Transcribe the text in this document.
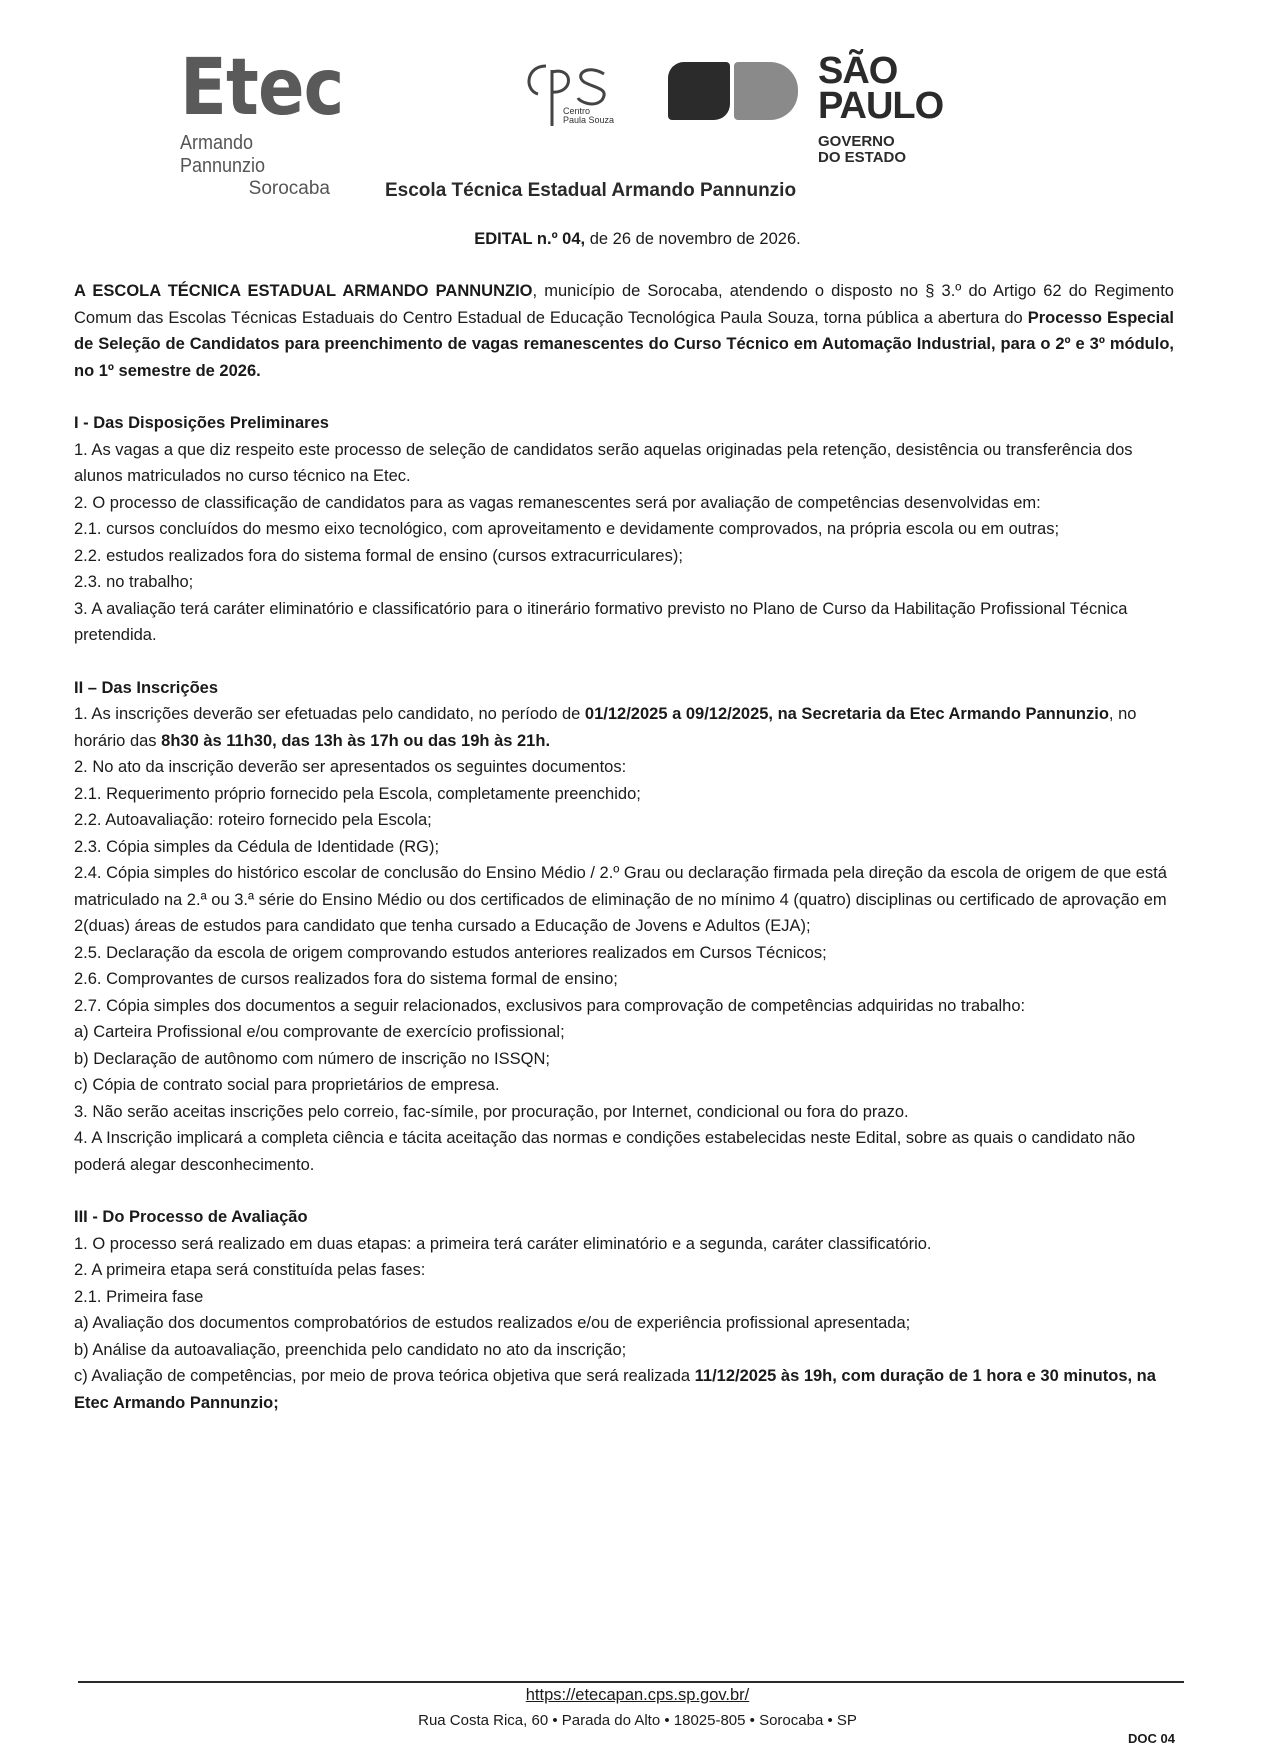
Etec
Armando Pannunzio
Sorocaba
Centro
Paula Souza
SÃO
PAULO
GOVERNO
DO ESTADO
Escola Técnica Estadual Armando Pannunzio
EDITAL n.º 04, de 26 de novembro de 2026.

A ESCOLA TÉCNICA ESTADUAL ARMANDO PANNUNZIO, município de Sorocaba, atendendo o disposto no § 3.º do Artigo 62 do Regimento Comum das Escolas Técnicas Estaduais do Centro Estadual de Educação Tecnológica Paula Souza, torna pública a abertura do Processo Especial de Seleção de Candidatos para preenchimento de vagas remanescentes do Curso Técnico em Automação Industrial, para o 2º e 3º módulo, no 1º semestre de 2026.

I - Das Disposições Preliminares

1. As vagas a que diz respeito este processo de seleção de candidatos serão aquelas originadas pela retenção, desistência ou transferência dos alunos matriculados no curso técnico na Etec.

2. O processo de classificação de candidatos para as vagas remanescentes será por avaliação de competências desenvolvidas em:

2.1. cursos concluídos do mesmo eixo tecnológico, com aproveitamento e devidamente comprovados, na própria escola ou em outras;

2.2. estudos realizados fora do sistema formal de ensino (cursos extracurriculares);

2.3. no trabalho;

3. A avaliação terá caráter eliminatório e classificatório para o itinerário formativo previsto no Plano de Curso da Habilitação Profissional Técnica pretendida.

II – Das Inscrições

1. As inscrições deverão ser efetuadas pelo candidato, no período de 01/12/2025 a 09/12/2025, na Secretaria da Etec Armando Pannunzio, no horário das 8h30 às 11h30, das 13h às 17h ou das 19h às 21h.

2. No ato da inscrição deverão ser apresentados os seguintes documentos:

2.1. Requerimento próprio fornecido pela Escola, completamente preenchido;

2.2. Autoavaliação: roteiro fornecido pela Escola;

2.3. Cópia simples da Cédula de Identidade (RG);

2.4. Cópia simples do histórico escolar de conclusão do Ensino Médio / 2.º Grau ou declaração firmada pela direção da escola de origem de que está matriculado na 2.ª ou 3.ª série do Ensino Médio ou dos certificados de eliminação de no mínimo 4 (quatro) disciplinas ou certificado de aprovação em 2(duas) áreas de estudos para candidato que tenha cursado a Educação de Jovens e Adultos (EJA);

2.5. Declaração da escola de origem comprovando estudos anteriores realizados em Cursos Técnicos;

2.6. Comprovantes de cursos realizados fora do sistema formal de ensino;

2.7. Cópia simples dos documentos a seguir relacionados, exclusivos para comprovação de competências adquiridas no trabalho:

a) Carteira Profissional e/ou comprovante de exercício profissional;

b) Declaração de autônomo com número de inscrição no ISSQN;

c) Cópia de contrato social para proprietários de empresa.

3. Não serão aceitas inscrições pelo correio, fac-símile, por procuração, por Internet, condicional ou fora do prazo.

4. A Inscrição implicará a completa ciência e tácita aceitação das normas e condições estabelecidas neste Edital, sobre as quais o candidato não poderá alegar desconhecimento.

III - Do Processo de Avaliação

1. O processo será realizado em duas etapas: a primeira terá caráter eliminatório e a segunda, caráter classificatório.

2. A primeira etapa será constituída pelas fases:

2.1. Primeira fase

a) Avaliação dos documentos comprobatórios de estudos realizados e/ou de experiência profissional apresentada;

b) Análise da autoavaliação, preenchida pelo candidato no ato da inscrição;

c) Avaliação de competências, por meio de prova teórica objetiva que será realizada 11/12/2025 às 19h, com duração de 1 hora e 30 minutos, na Etec Armando Pannunzio;

https://etecapan.cps.sp.gov.br/
Rua Costa Rica, 60 • Parada do Alto • 18025-805 • Sorocaba • SP
DOC 04
